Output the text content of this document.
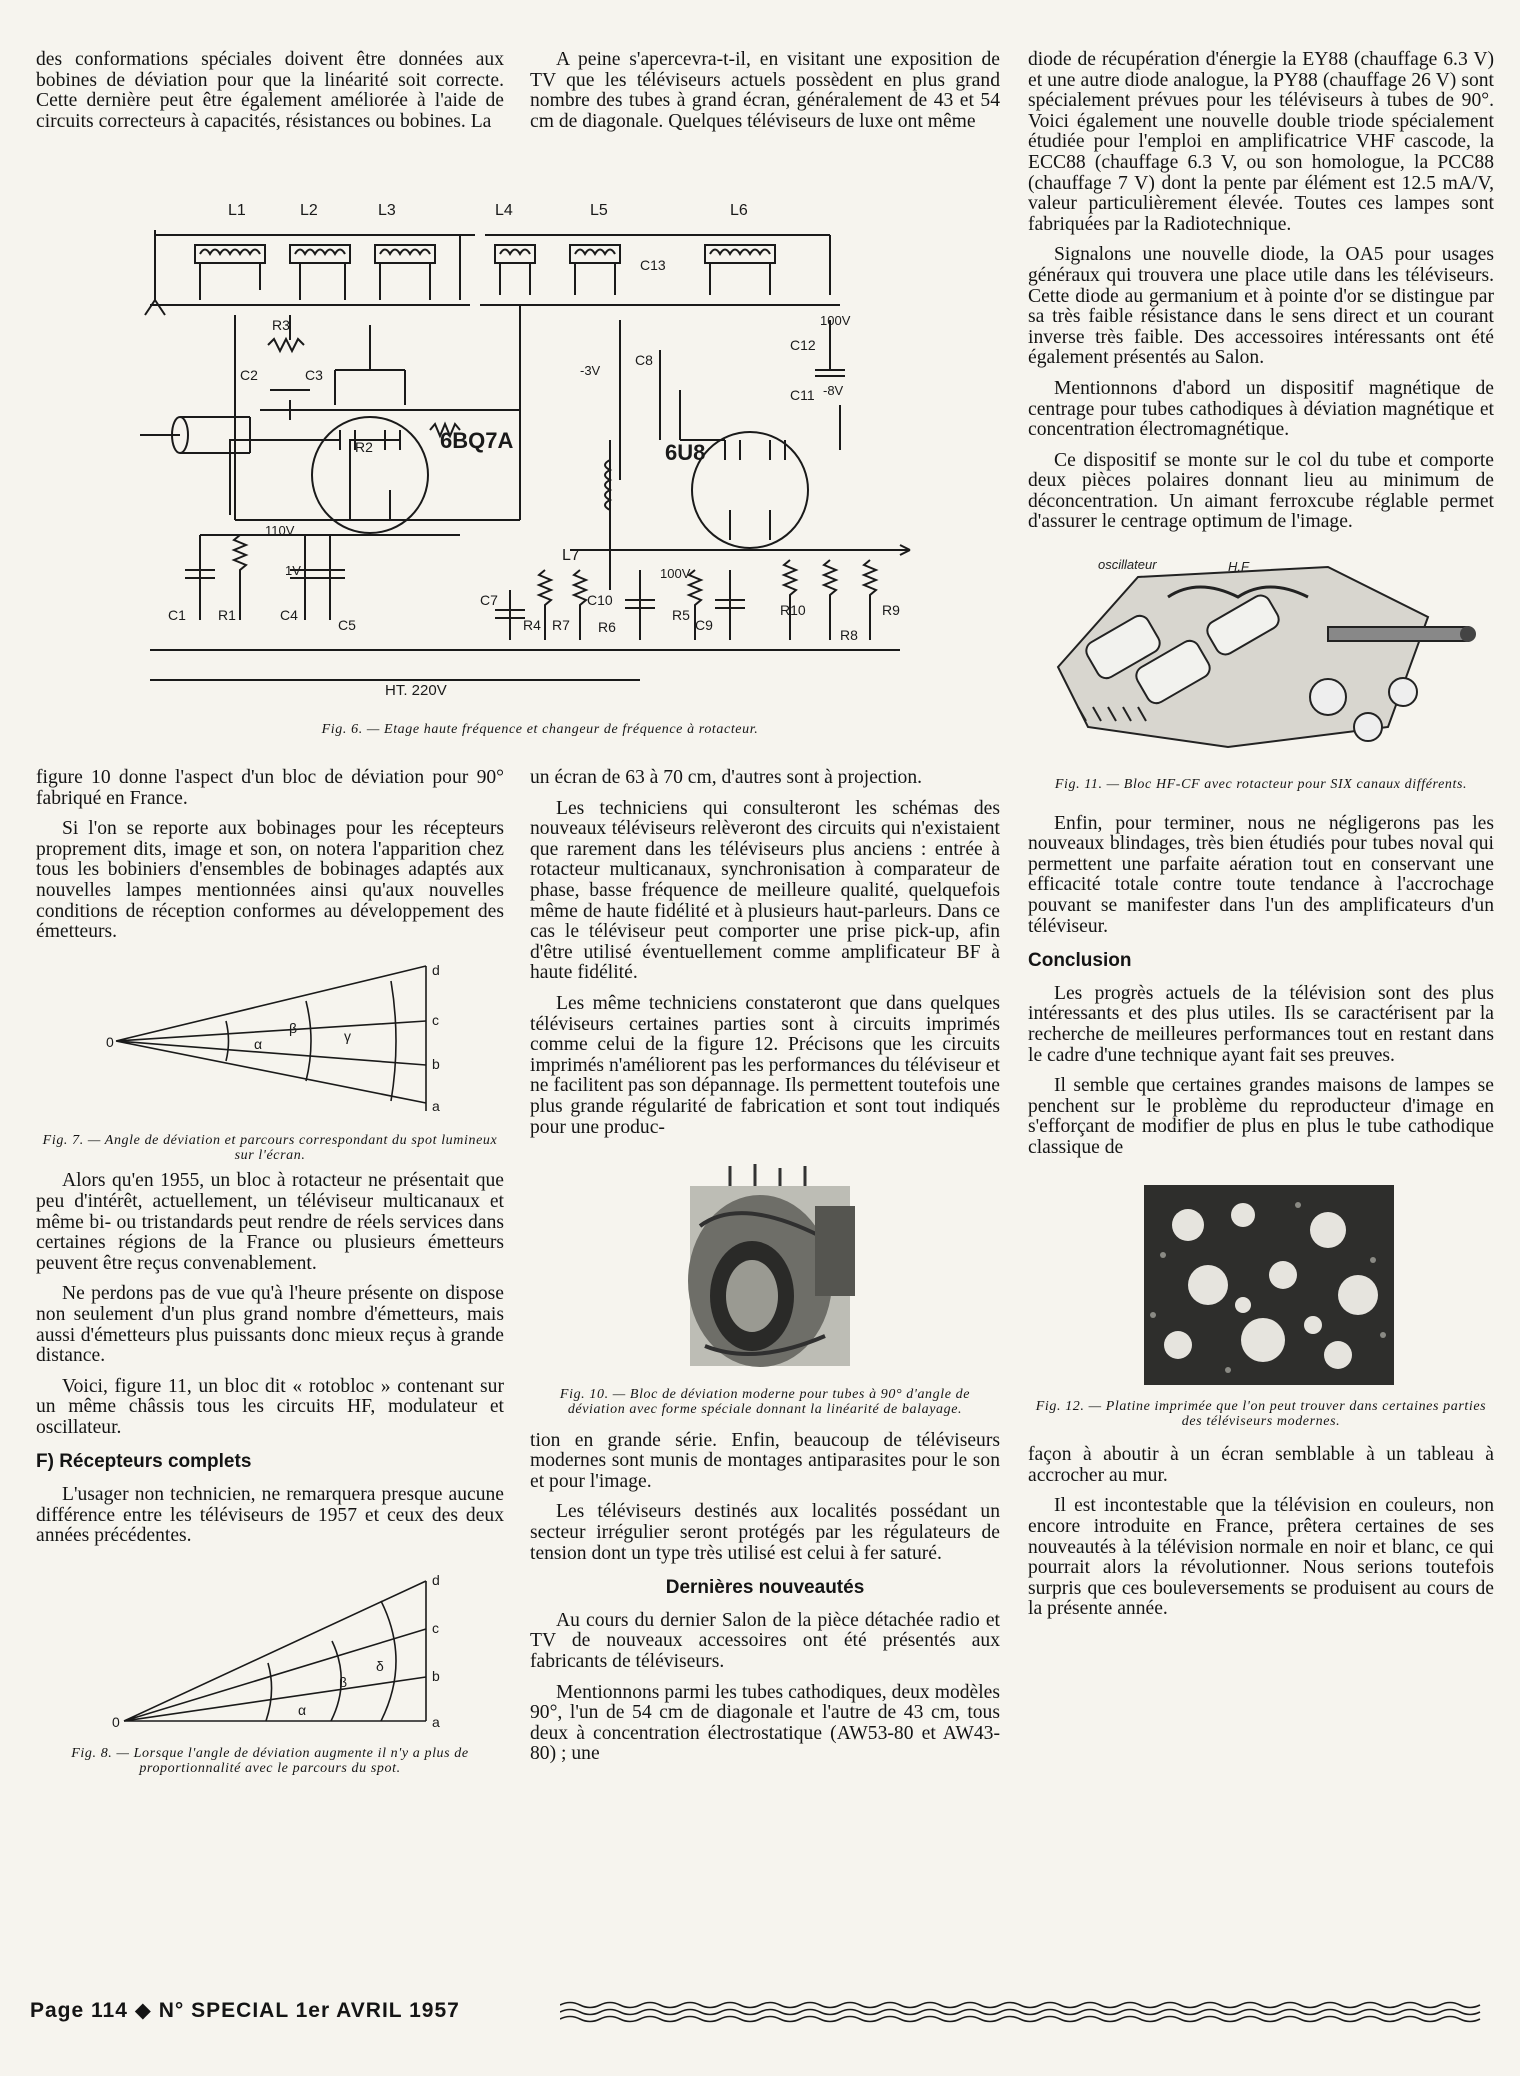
des conformations spéciales doivent être données aux bobines de déviation pour que la linéarité soit correcte. Cette dernière peut être également améliorée à l'aide de circuits correcteurs à capacités, résistances ou bobines. La

A peine s'apercevra-t-il, en visitant une exposition de TV que les téléviseurs actuels possèdent en plus grand nombre des tubes à grand écran, généralement de 43 et 54 cm de diagonale. Quelques téléviseurs de luxe ont même

L1	L2	L3	L4	L5	L6
L7
6BQ7A	6U8
110V
1V
-3V
100V
100V
-8V
HT. 220V
R1
R2
R3
R4
R5
R6
R7
R8
R9
R10
C1
C2	C3
C4
C5
C7
C8
C9
C10
C11
C12
C13
Fig. 6. — Etage haute fréquence et changeur de fréquence à rotacteur.

figure 10 donne l'aspect d'un bloc de déviation pour 90° fabriqué en France.

Si l'on se reporte aux bobinages pour les récepteurs proprement dits, image et son, on notera l'apparition chez tous les bobiniers d'ensembles de bobinages adaptés aux nouvelles lampes mentionnées ainsi qu'aux nouvelles conditions de réception conformes au développement des émetteurs.

0
a
b
c
d
α
β	γ
Fig. 7. — Angle de déviation et parcours correspondant du spot lumineux sur l'écran.

Alors qu'en 1955, un bloc à rotacteur ne présentait que peu d'intérêt, actuellement, un téléviseur multicanaux et même bi- ou tristandards peut rendre de réels services dans certaines régions de la France ou plusieurs émetteurs peuvent être reçus convenablement.

Ne perdons pas de vue qu'à l'heure présente on dispose non seulement d'un plus grand nombre d'émetteurs, mais aussi d'émetteurs plus puissants donc mieux reçus à grande distance.

Voici, figure 11, un bloc dit « rotobloc » contenant sur un même châssis tous les circuits HF, modulateur et oscillateur.

F) Récepteurs complets

L'usager non technicien, ne remarquera presque aucune différence entre les téléviseurs de 1957 et ceux des deux années précédentes.

0	a
b
c
d
α
β
δ
Fig. 8. — Lorsque l'angle de déviation augmente il n'y a plus de proportionnalité avec le parcours du spot.

un écran de 63 à 70 cm, d'autres sont à projection.

Les techniciens qui consulteront les schémas des nouveaux téléviseurs relèveront des circuits qui n'existaient que rarement dans les téléviseurs plus anciens : entrée à rotacteur multicanaux, synchronisation à comparateur de phase, basse fréquence de meilleure qualité, quelquefois même de haute fidélité et à plusieurs haut-parleurs. Dans ce cas le téléviseur peut comporter une prise pick-up, afin d'être utilisé éventuellement comme amplificateur BF à haute fidélité.

Les même techniciens constateront que dans quelques téléviseurs certaines parties sont à circuits imprimés comme celui de la figure 12. Précisons que les circuits imprimés n'améliorent pas les performances du téléviseur et ne facilitent pas son dépannage. Ils permettent toutefois une plus grande régularité de fabrication et sont tout indiqués pour une produc-

Fig. 10. — Bloc de déviation moderne pour tubes à 90° d'angle de déviation avec forme spéciale donnant la linéarité de balayage.

tion en grande série. Enfin, beaucoup de téléviseurs modernes sont munis de montages antiparasites pour le son et pour l'image.

Les téléviseurs destinés aux localités possédant un secteur irrégulier seront protégés par les régulateurs de tension dont un type très utilisé est celui à fer saturé.

Dernières nouveautés

Au cours du dernier Salon de la pièce détachée radio et TV de nouveaux accessoires ont été présentés aux fabricants de téléviseurs.

Mentionnons parmi les tubes cathodiques, deux modèles 90°, l'un de 54 cm de diagonale et l'autre de 43 cm, tous deux à concentration électrostatique (AW53-80 et AW43-80) ; une

diode de récupération d'énergie la EY88 (chauffage 6.3 V) et une autre diode analogue, la PY88 (chauffage 26 V) sont spécialement prévues pour les téléviseurs à tubes de 90°. Voici également une nouvelle double triode spécialement étudiée pour l'emploi en amplificatrice VHF cascode, la ECC88 (chauffage 6.3 V, ou son homologue, la PCC88 (chauffage 7 V) dont la pente par élément est 12.5 mA/V, valeur particulièrement élevée. Toutes ces lampes sont fabriquées par la Radiotechnique.

Signalons une nouvelle diode, la OA5 pour usages généraux qui trouvera une place utile dans les téléviseurs. Cette diode au germanium et à pointe d'or se distingue par sa très faible résistance dans le sens direct et un courant inverse très faible. Des accessoires intéressants ont été également présentés au Salon.

Mentionnons d'abord un dispositif magnétique de centrage pour tubes cathodiques à déviation magnétique et concentration électromagnétique.

Ce dispositif se monte sur le col du tube et comporte deux pièces polaires donnant lieu au minimum de déconcentration. Un aimant ferroxcube réglable permet d'assurer le centrage optimum de l'image.

oscillateur	H.F
Fig. 11. — Bloc HF-CF avec rotacteur pour SIX canaux différents.

Enfin, pour terminer, nous ne négligerons pas les nouveaux blindages, très bien étudiés pour tubes noval qui permettent une parfaite aération tout en conservant une efficacité totale contre toute tendance à l'accrochage pouvant se manifester dans l'un des amplificateurs d'un téléviseur.

Conclusion

Les progrès actuels de la télévision sont des plus intéressants et des plus utiles. Ils se caractérisent par la recherche de meilleures performances tout en restant dans le cadre d'une technique ayant fait ses preuves.

Il semble que certaines grandes maisons de lampes se penchent sur le problème du reproducteur d'image en s'efforçant de modifier de plus en plus le tube cathodique classique de

Fig. 12. — Platine imprimée que l'on peut trouver dans certaines parties des téléviseurs modernes.

façon à aboutir à un écran semblable à un tableau à accrocher au mur.

Il est incontestable que la télévision en couleurs, non encore introduite en France, prêtera certaines de ses nouveautés à la télévision normale en noir et blanc, ce qui pourrait alors la révolutionner. Nous serions toutefois surpris que ces bouleversements se produisent au cours de la présente année.

Page 114 ◆ N° SPECIAL 1er AVRIL 1957
